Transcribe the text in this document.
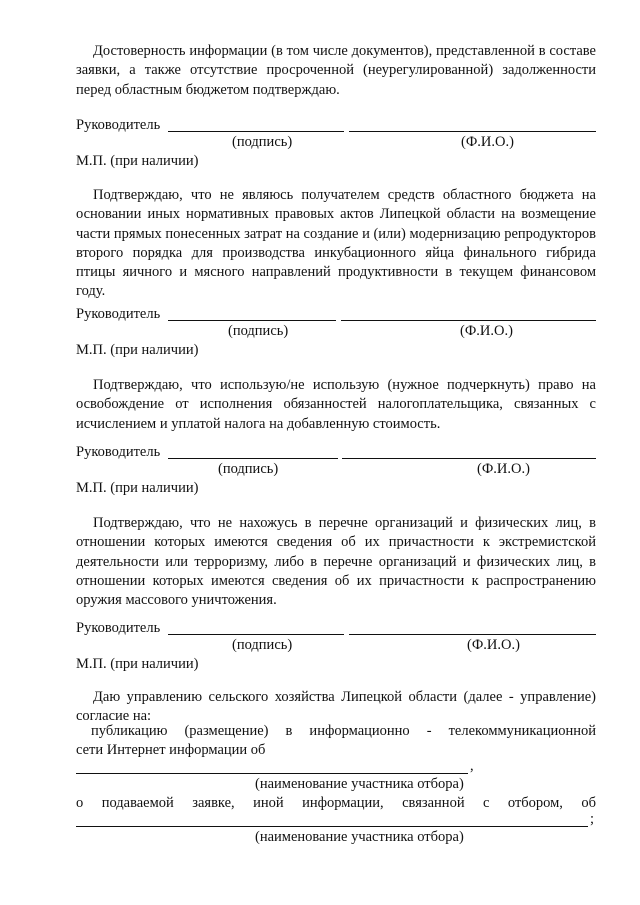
Достоверность информации (в том числе документов), представленной в составе заявки, а также отсутствие просроченной (неурегулированной) задолженности перед областным бюджетом подтверждаю.

Руководитель
(подпись)	(Ф.И.О.)
М.П. (при наличии)

Подтверждаю, что не являюсь получателем средств областного бюджета на основании иных нормативных правовых актов Липецкой области на возмещение части прямых понесенных затрат на создание и (или) модернизацию репродукторов второго порядка для производства инкубационного яйца финального гибрида птицы яичного и мясного направлений продуктивности в текущем финансовом году.

Руководитель
(подпись)	(Ф.И.О.)
М.П. (при наличии)

Подтверждаю, что использую/не использую (нужное подчеркнуть) право на освобождение от исполнения обязанностей налогоплательщика, связанных с исчислением и уплатой налога на добавленную стоимость.

Руководитель
(подпись)	(Ф.И.О.)
М.П. (при наличии)

Подтверждаю, что не нахожусь в перечне организаций и физических лиц, в отношении которых имеются сведения об их причастности к экстремистской деятельности или терроризму, либо в перечне организаций и физических лиц, в отношении которых имеются сведения об их причастности к распространению оружия массового уничтожения.

Руководитель
(подпись)	(Ф.И.О.)
М.П. (при наличии)

Даю управлению сельского хозяйства Липецкой области (далее - управление) согласие на:

публикацию (размещение) в информационно - телекоммуникационной
сети Интернет информации об
,
(наименование участника отбора)
о подаваемой заявке, иной информации, связанной с отбором, об
;
(наименование участника отбора)
